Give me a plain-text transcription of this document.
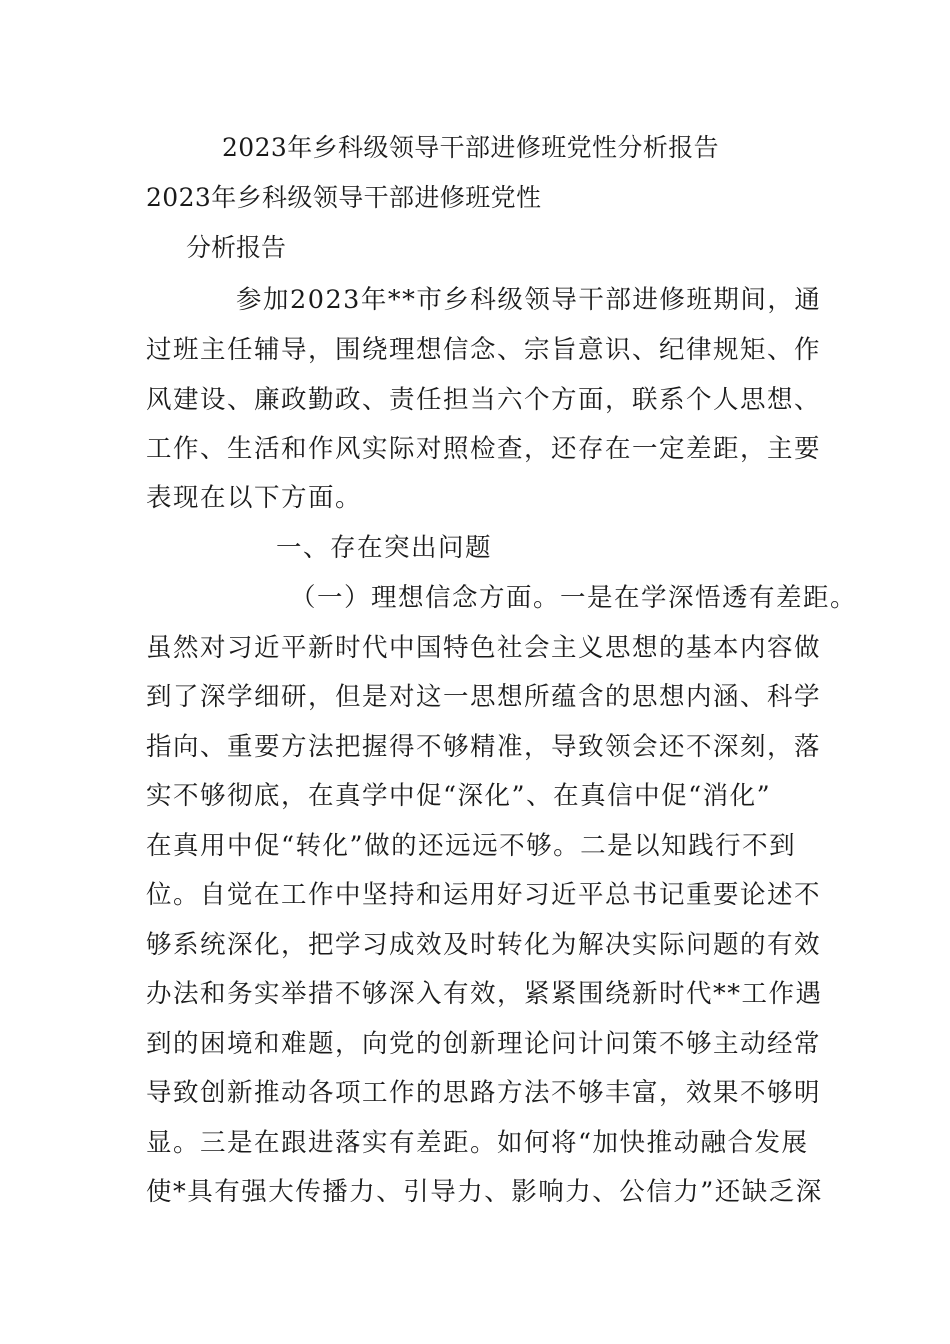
2023年乡科级领导干部进修班党性分析报告
2023年乡科级领导干部进修班党性
分析报告
参加2023年**市乡科级领导干部进修班期间，通
过班主任辅导，围绕理想信念、宗旨意识、纪律规矩、作
风建设、廉政勤政、责任担当六个方面，联系个人思想、
工作、生活和作风实际对照检查，还存在一定差距，主要
表现在以下方面。
一、存在突出问题
（一）理想信念方面。一是在学深悟透有差距。
虽然对习近平新时代中国特色社会主义思想的基本内容做
到了深学细研，但是对这一思想所蕴含的思想内涵、科学
指向、重要方法把握得不够精准，导致领会还不深刻，落
实不够彻底，在真学中促“深化”、在真信中促“消化”
在真用中促“转化”做的还远远不够。二是以知践行不到
位。自觉在工作中坚持和运用好习近平总书记重要论述不
够系统深化，把学习成效及时转化为解决实际问题的有效
办法和务实举措不够深入有效，紧紧围绕新时代**工作遇
到的困境和难题，向党的创新理论问计问策不够主动经常
导致创新推动各项工作的思路方法不够丰富，效果不够明
显。三是在跟进落实有差距。如何将“加快推动融合发展
使*具有强大传播力、引导力、影响力、公信力”还缺乏深
